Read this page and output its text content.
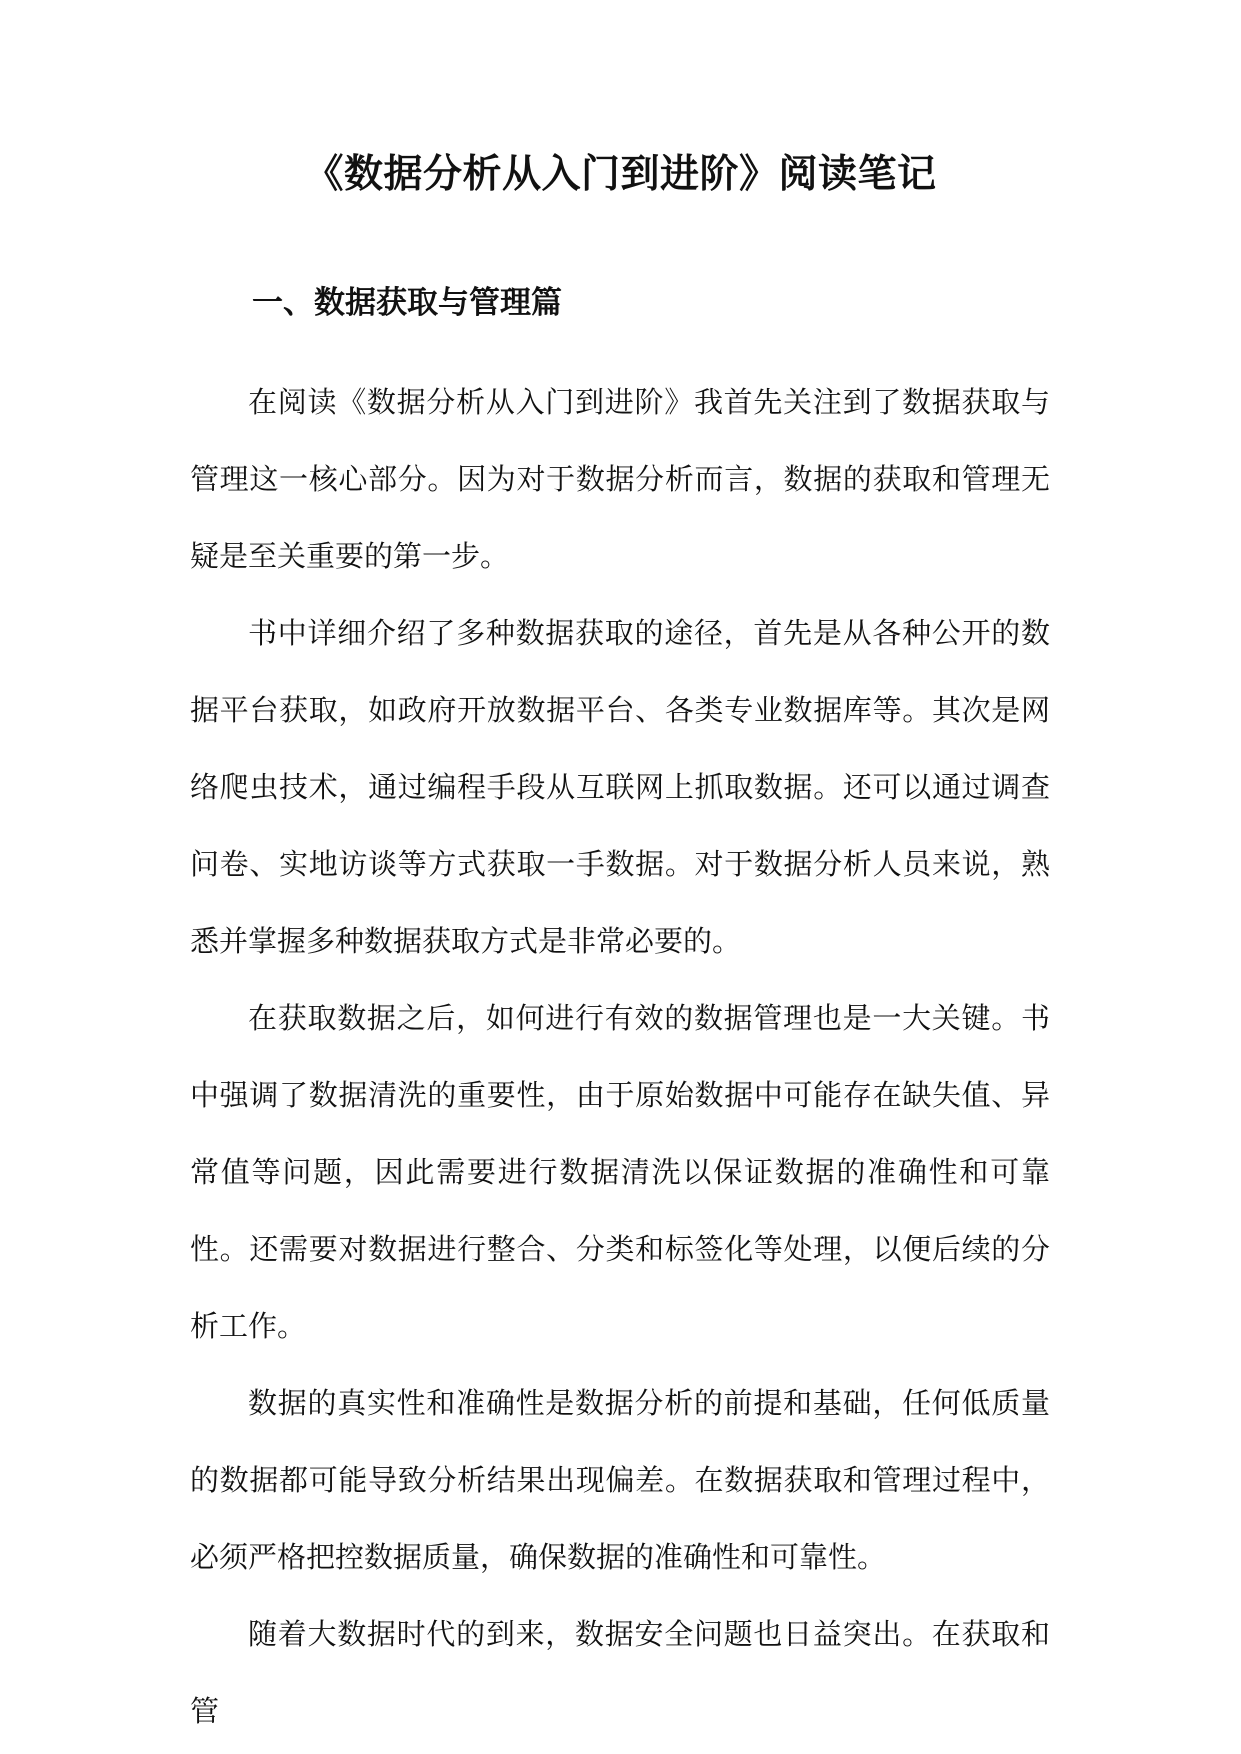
《数据分析从入门到进阶》阅读笔记
一、数据获取与管理篇

在阅读《数据分析从入门到进阶》我首先关注到了数据获取与管理这一核心部分。因为对于数据分析而言，数据的获取和管理无疑是至关重要的第一步。

书中详细介绍了多种数据获取的途径，首先是从各种公开的数据平台获取，如政府开放数据平台、各类专业数据库等。其次是网络爬虫技术，通过编程手段从互联网上抓取数据。还可以通过调查问卷、实地访谈等方式获取一手数据。对于数据分析人员来说，熟悉并掌握多种数据获取方式是非常必要的。

在获取数据之后，如何进行有效的数据管理也是一大关键。书中强调了数据清洗的重要性，由于原始数据中可能存在缺失值、异常值等问题，因此需要进行数据清洗以保证数据的准确性和可靠性。还需要对数据进行整合、分类和标签化等处理，以便后续的分析工作。

数据的真实性和准确性是数据分析的前提和基础，任何低质量的数据都可能导致分析结果出现偏差。在数据获取和管理过程中，必须严格把控数据质量，确保数据的准确性和可靠性。

随着大数据时代的到来，数据安全问题也日益突出。在获取和管
